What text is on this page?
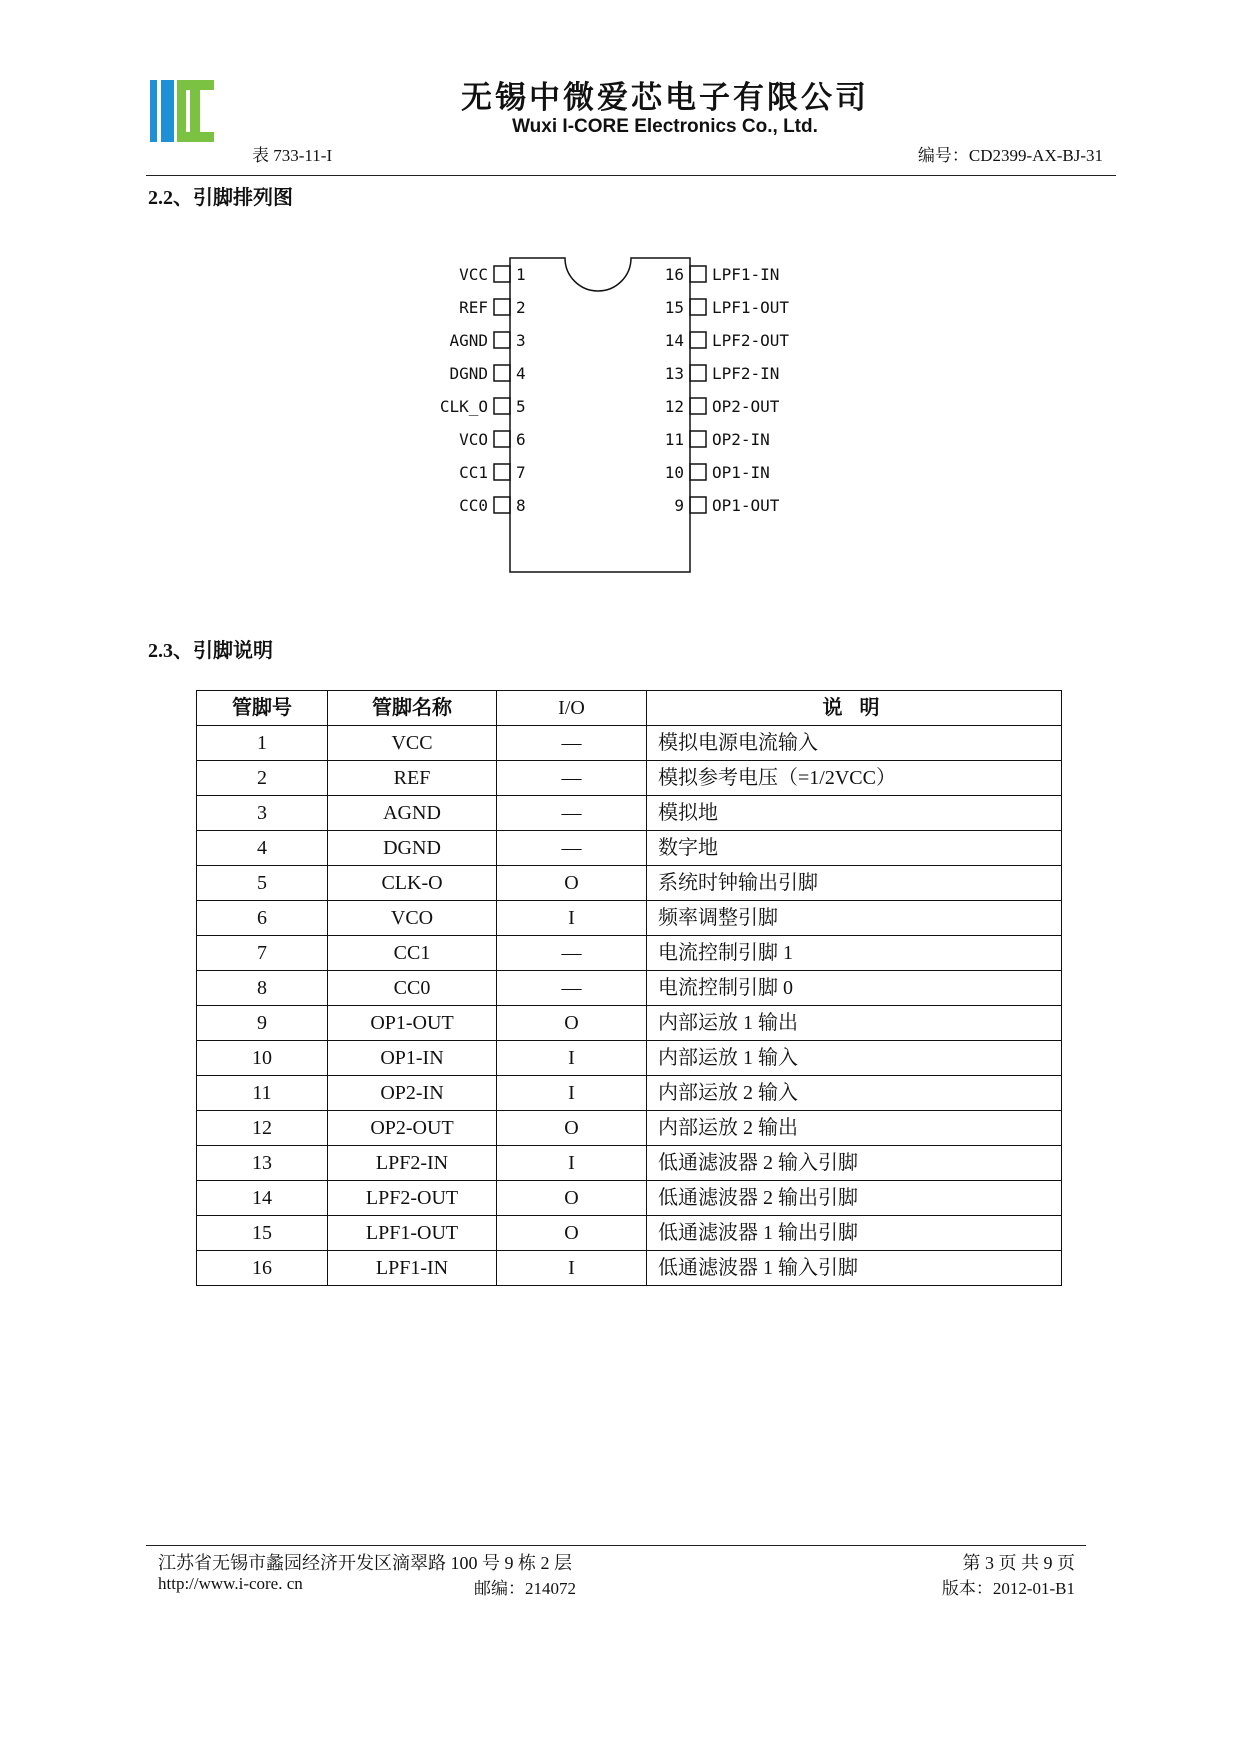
无锡中微爱芯电子有限公司
Wuxi I-CORE Electronics Co., Ltd.
表 733-11-I	编号：CD2399-AX-BJ-31
2.2、引脚排列图
VCC 1
REF 2
AGND 3
DGND 4
CLK_O 5
VCO 6
CC1 7
CC0 8
16 LPF1-IN
15 LPF1-OUT
14 LPF2-OUT
13 LPF2-IN
12 OP2-OUT
11 OP2-IN
10 OP1-IN
9 OP1-OUT
2.3、引脚说明
管脚号	管脚名称	I/O	说 明
1	VCC	—	模拟电源电流输入
2	REF	—	模拟参考电压（=1/2VCC）
3	AGND	—	模拟地
4	DGND	—	数字地
5	CLK-O	O	系统时钟输出引脚
6	VCO	I	频率调整引脚
7	CC1	—	电流控制引脚 1
8	CC0	—	电流控制引脚 0
9	OP1-OUT	O	内部运放 1 输出
10	OP1-IN	I	内部运放 1 输入
11	OP2-IN	I	内部运放 2 输入
12	OP2-OUT	O	内部运放 2 输出
13	LPF2-IN	I	低通滤波器 2 输入引脚
14	LPF2-OUT	O	低通滤波器 2 输出引脚
15	LPF1-OUT	O	低通滤波器 1 输出引脚
16	LPF1-IN	I	低通滤波器 1 输入引脚
江苏省无锡市蠡园经济开发区滴翠路 100 号 9 栋 2 层
http://www.i-core. cn	邮编：214072
第 3 页 共 9 页
版本：2012-01-B1
